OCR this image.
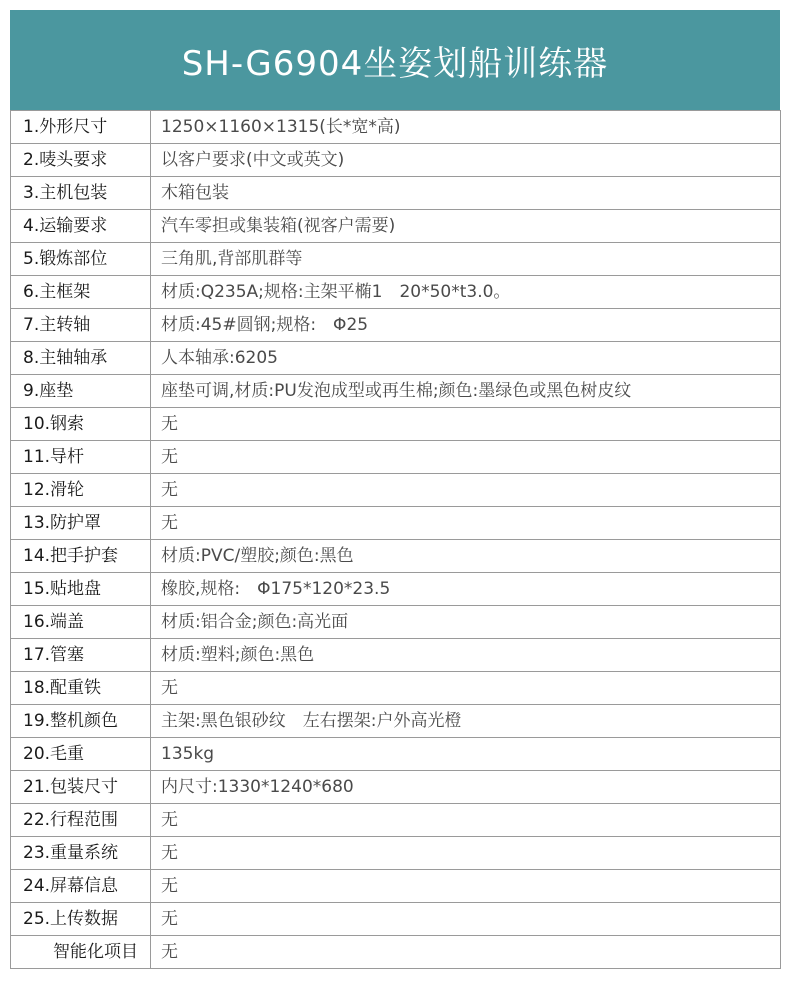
SH-G6904坐姿划船训练器
1.外形尺寸	1250×1160×1315(长*宽*高)
2.唛头要求	以客户要求(中文或英文)
3.主机包装	木箱包装
4.运输要求	汽车零担或集装箱(视客户需要)
5.锻炼部位	三角肌,背部肌群等
6.主框架	材质:Q235A;规格:主架平椭1　20*50*t3.0。
7.主转轴	材质:45#圆钢;规格:　Φ25
8.主轴轴承	人本轴承:6205
9.座垫	座垫可调,材质:PU发泡成型或再生棉;颜色:墨绿色或黑色树皮纹
10.钢索	无
11.导杆	无
12.滑轮	无
13.防护罩	无
14.把手护套	材质:PVC/塑胶;颜色:黑色
15.贴地盘	橡胶,规格:　Φ175*120*23.5
16.端盖	材质:铝合金;颜色:高光面
17.管塞	材质:塑料;颜色:黑色
18.配重铁	无
19.整机颜色	主架:黑色银砂纹　左右摆架:户外高光橙
20.毛重	135kg
21.包装尺寸	内尺寸:1330*1240*680
22.行程范围	无
23.重量系统	无
24.屏幕信息	无
25.上传数据	无
智能化项目	无
